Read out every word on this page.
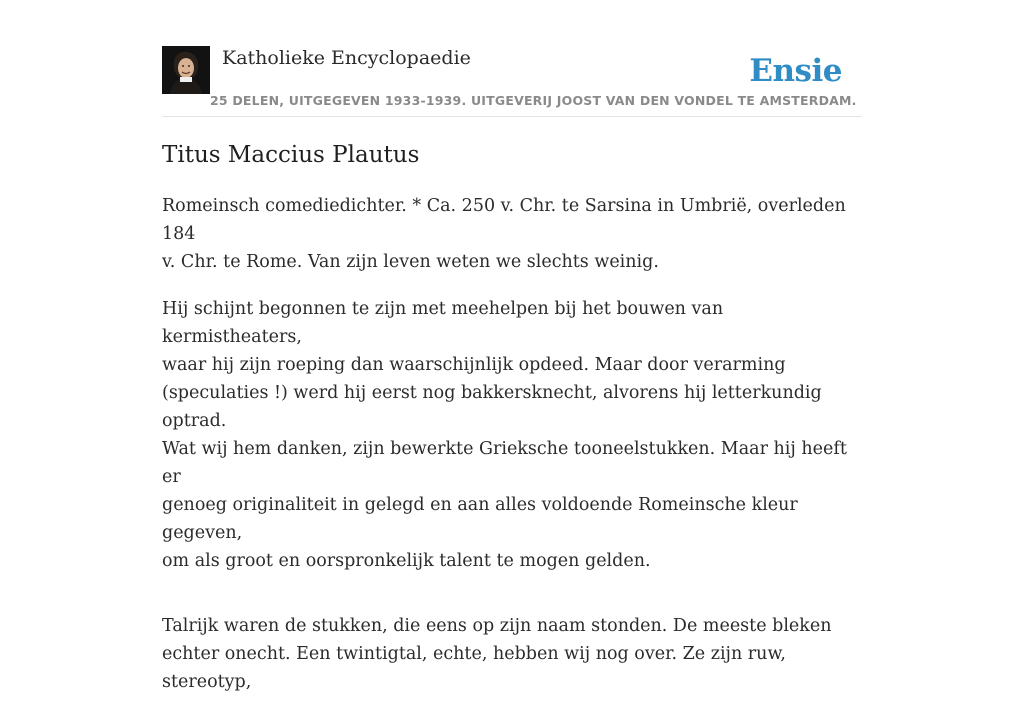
Katholieke Encyclopaedie
25 DELEN, UITGEGEVEN 1933-1939. UITGEVERIJ JOOST VAN DEN VONDEL TE AMSTERDAM.
Ensie
Titus Maccius Plautus

Romeinsch comediedichter. * Ca. 250 v. Chr. te Sarsina in Umbrië, overleden 184
v. Chr. te Rome. Van zijn leven weten we slechts weinig.

Hij schijnt begonnen te zijn met meehelpen bij het bouwen van kermistheaters,
waar hij zijn roeping dan waarschijnlijk opdeed. Maar door verarming
(speculaties !) werd hij eerst nog bakkersknecht, alvorens hij letterkundig optrad.
Wat wij hem danken, zijn bewerkte Grieksche tooneelstukken. Maar hij heeft er
genoeg originaliteit in gelegd en aan alles voldoende Romeinsche kleur gegeven,
om als groot en oorspronkelijk talent te mogen gelden.

Talrijk waren de stukken, die eens op zijn naam stonden. De meeste bleken
echter onecht. Een twintigtal, echte, hebben wij nog over. Ze zijn ruw, stereotyp,
